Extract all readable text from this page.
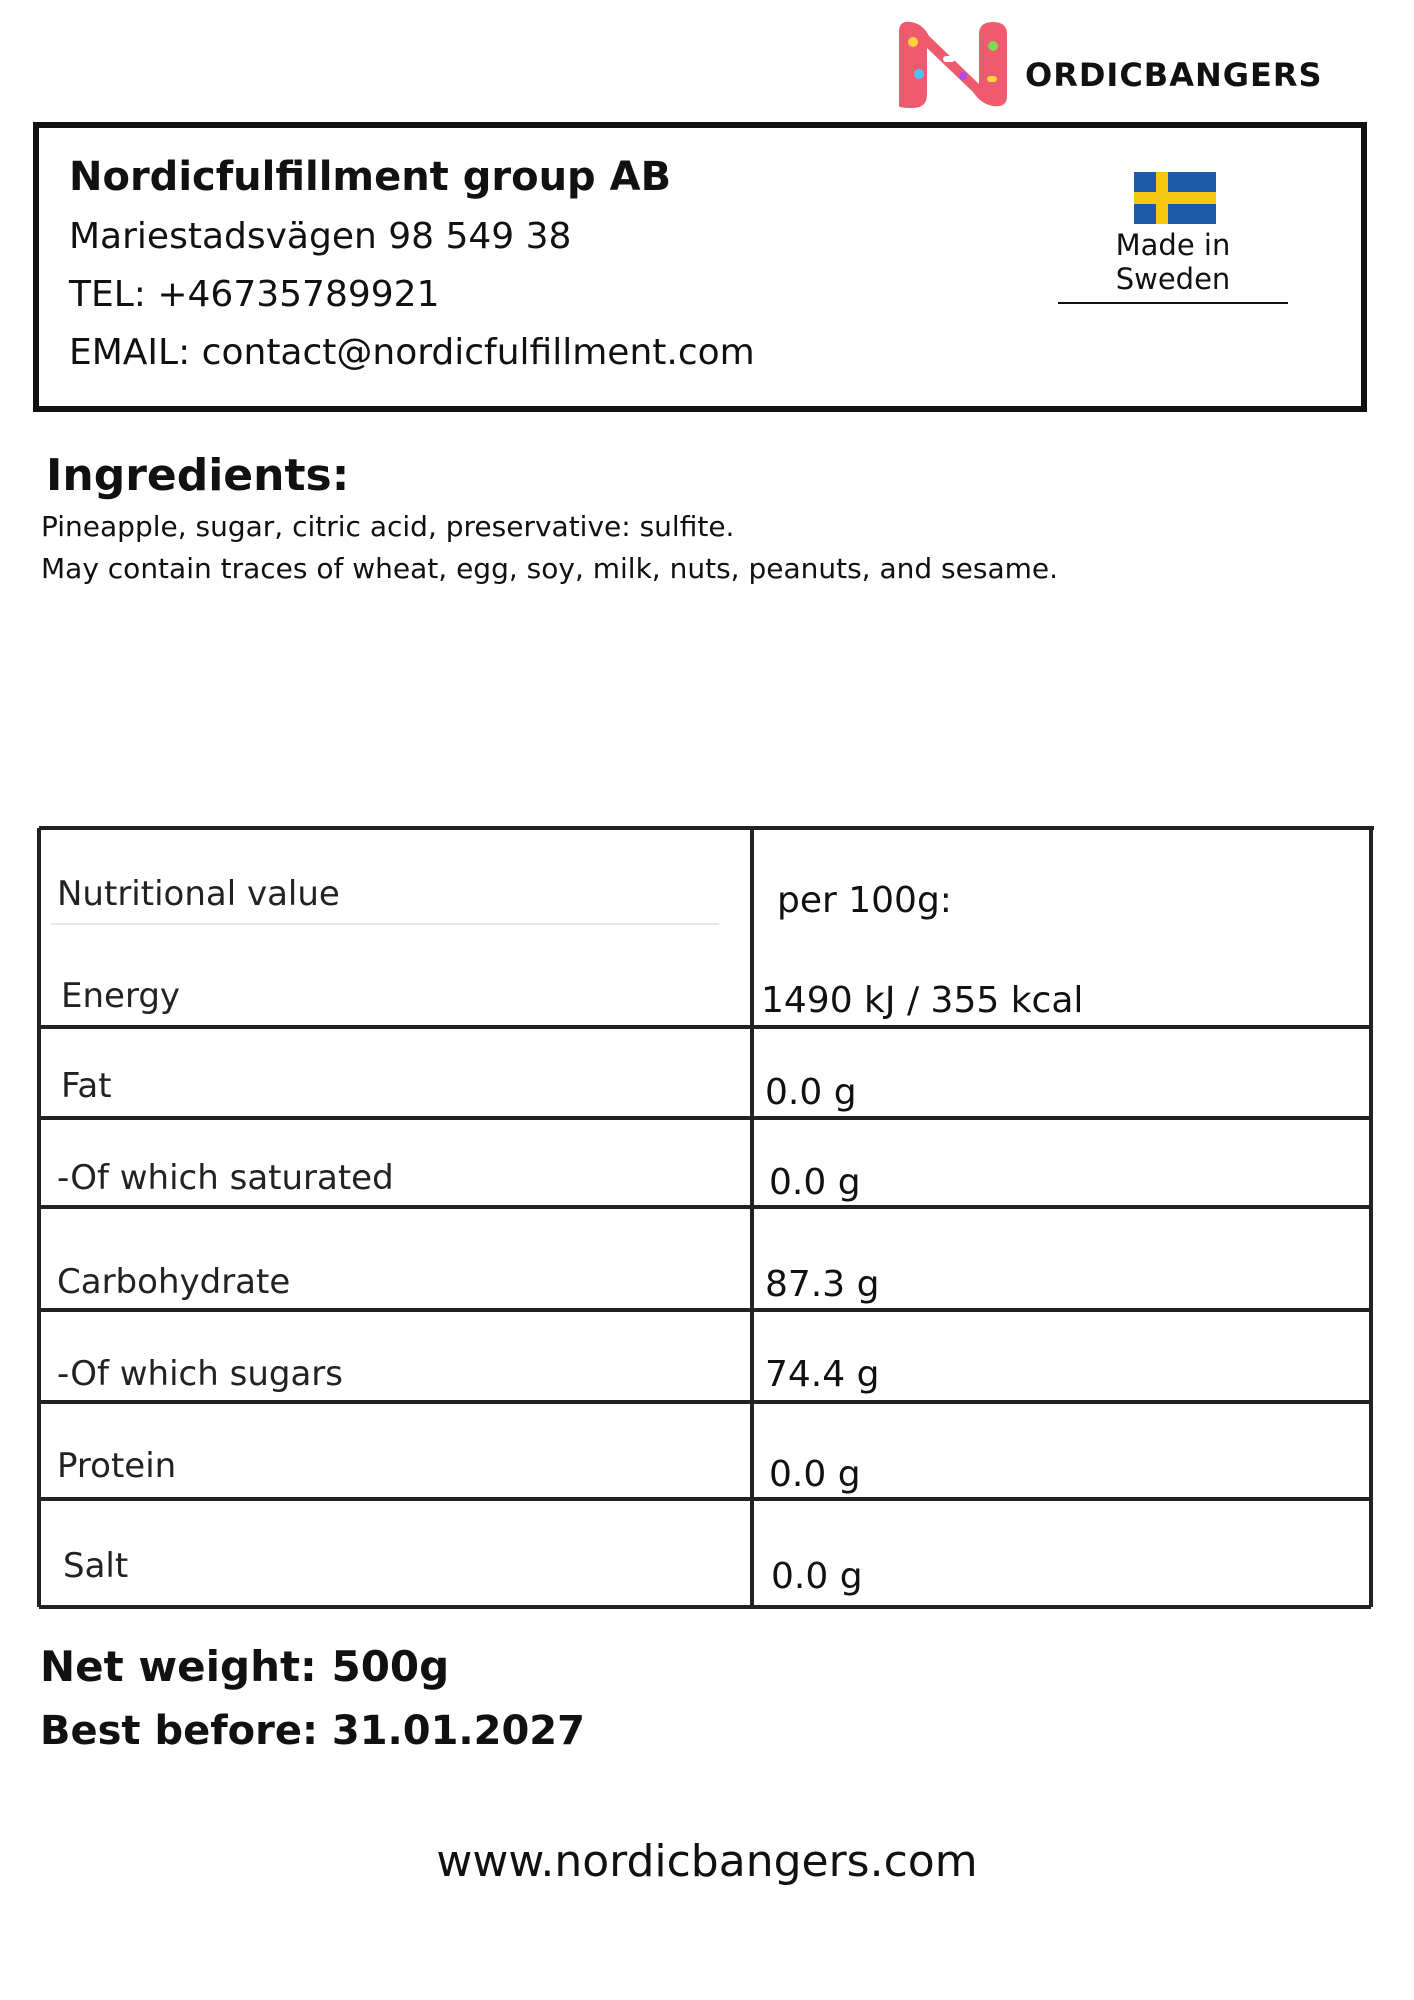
Nordicfulfillment group AB
Mariestadsvägen 98 549 38
TEL: +46735789921
EMAIL: contact@nordicfulfillment.com
ORDICBANGERS
Made in Sweden
Ingredients:
Pineapple, sugar, citric acid, preservative: sulfite.
May contain traces of wheat, egg, soy, milk, nuts, peanuts, and sesame.
Nutritional value	per 100g:
Energy	1490 kJ / 355 kcal
Fat	0.0 g
-Of which saturated	0.0 g
Carbohydrate	87.3 g
-Of which sugars	74.4 g
Protein	0.0 g
Salt	0.0 g
Net weight: 500g
Best before: 31.01.2027
www.nordicbangers.com
